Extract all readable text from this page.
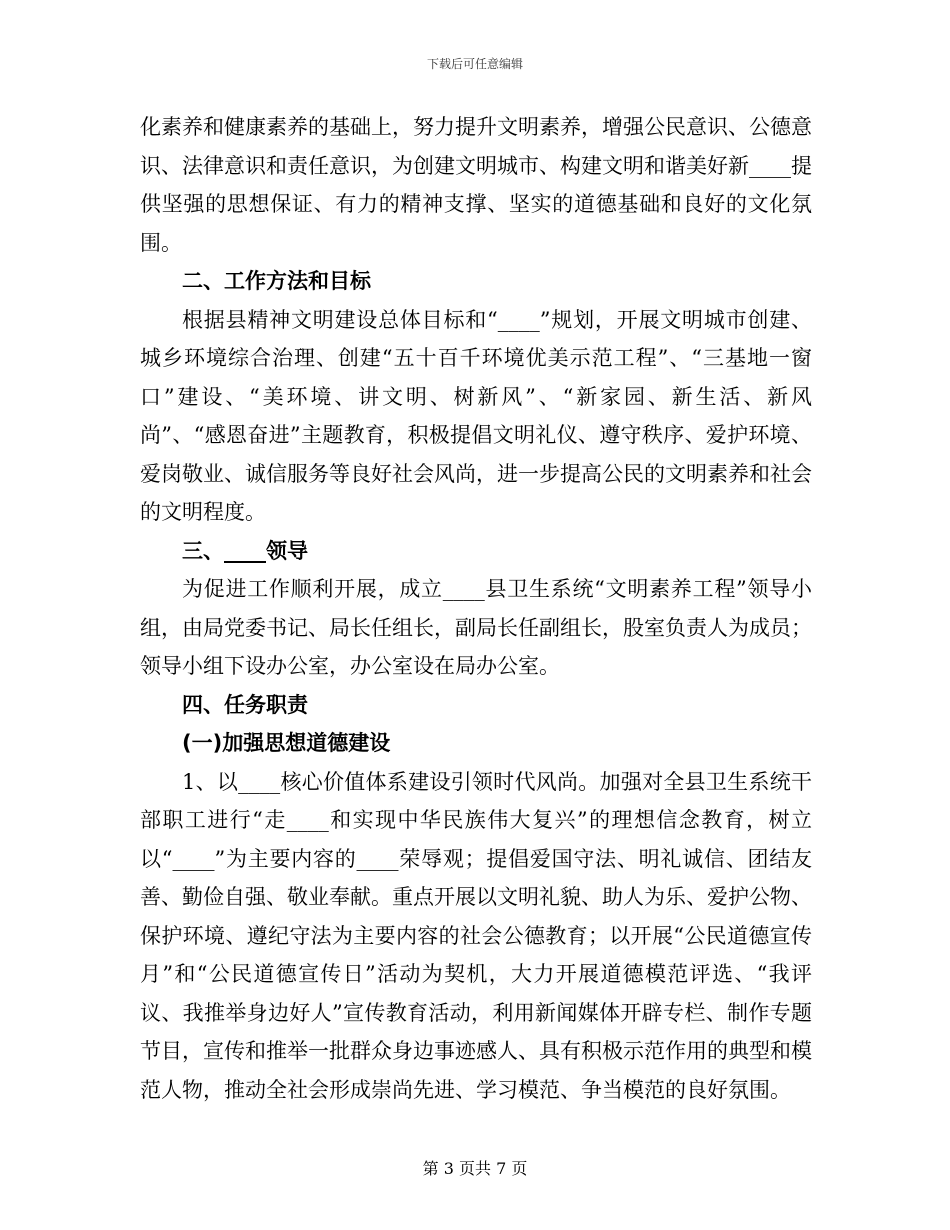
下载后可任意编辑

化素养和健康素养的基础上，努力提升文明素养，增强公民意识、公德意识、法律意识和责任意识，为创建文明城市、构建文明和谐美好新____提供坚强的思想保证、有力的精神支撑、坚实的道德基础和良好的文化氛围。

二、工作方法和目标

根据县精神文明建设总体目标和“____”规划，开展文明城市创建、城乡环境综合治理、创建“五十百千环境优美示范工程”、“三基地一窗口”建设、“美环境、讲文明、树新风”、“新家园、新生活、新风尚”、“感恩奋进”主题教育，积极提倡文明礼仪、遵守秩序、爱护环境、爱岗敬业、诚信服务等良好社会风尚，进一步提高公民的文明素养和社会的文明程度。

三、____领导

为促进工作顺利开展，成立____县卫生系统“文明素养工程”领导小组，由局党委书记、局长任组长，副局长任副组长，股室负责人为成员；领导小组下设办公室，办公室设在局办公室。

四、任务职责

(一)加强思想道德建设

1、以____核心价值体系建设引领时代风尚。加强对全县卫生系统干部职工进行“走____和实现中华民族伟大复兴”的理想信念教育，树立以“____”为主要内容的____荣辱观；提倡爱国守法、明礼诚信、团结友善、勤俭自强、敬业奉献。重点开展以文明礼貌、助人为乐、爱护公物、保护环境、遵纪守法为主要内容的社会公德教育；以开展“公民道德宣传月”和“公民道德宣传日”活动为契机，大力开展道德模范评选、“我评议、我推举身边好人”宣传教育活动，利用新闻媒体开辟专栏、制作专题节目，宣传和推举一批群众身边事迹感人、具有积极示范作用的典型和模范人物，推动全社会形成崇尚先进、学习模范、争当模范的良好氛围。

第 3 页共 7 页
